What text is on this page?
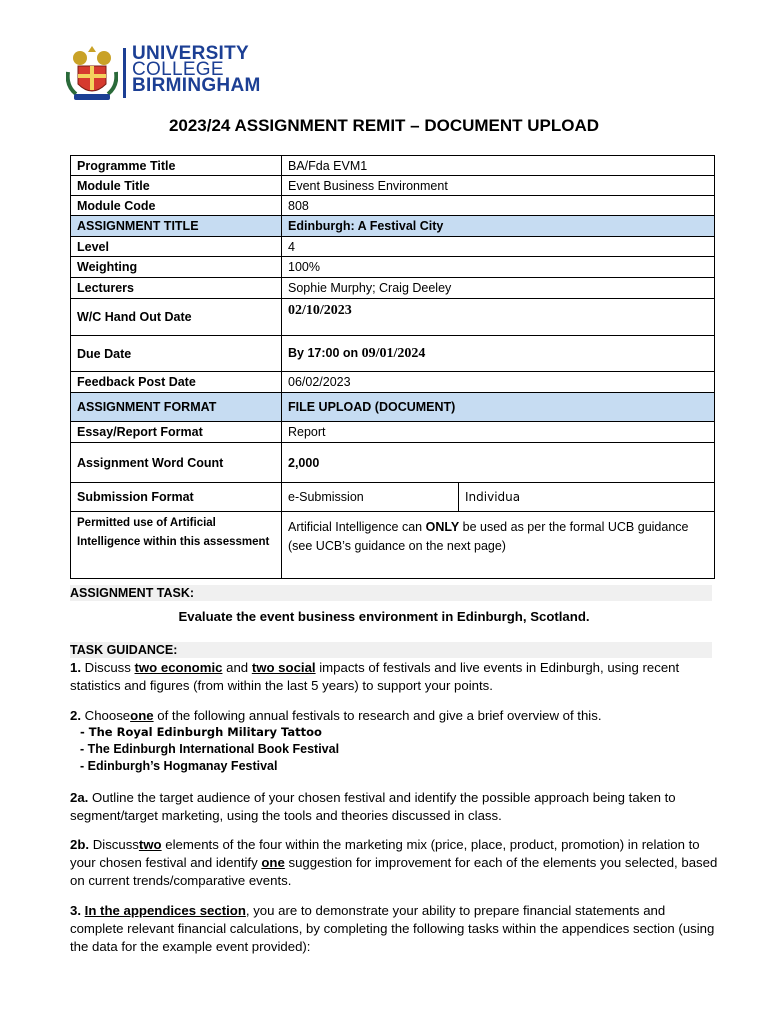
UNIVERSITY
COLLEGE
BIRMINGHAM
2023/24 ASSIGNMENT REMIT – DOCUMENT UPLOAD
Programme Title	BA/Fda EVM1	
Module Title	Event Business Environment	
Module Code	808	
ASSIGNMENT TITLE	Edinburgh: A Festival City	
Level	4	
Weighting	100%	
Lecturers	Sophie Murphy; Craig Deeley	
W/C Hand Out Date	02/10/2023	
Due Date	By 17:00 on 09/01/2024	
Feedback Post Date	06/02/2023	
ASSIGNMENT FORMAT	FILE UPLOAD (DOCUMENT)	
Essay/Report Format	Report	
Assignment Word Count	2,000	
Submission Format	e-Submission	Individua
Permitted use of Artificial Intelligence within this assessment	Artificial Intelligence can ONLY be used as per the formal UCB guidance (see UCB’s guidance on the next page)	
ASSIGNMENT TASK:
Evaluate the event business environment in Edinburgh, Scotland.
TASK GUIDANCE:
1. Discuss two economic and two social impacts of festivals and live events in Edinburgh, using recent statistics and figures (from within the last 5 years) to support your points.
2. Chooseone of the following annual festivals to research and give a brief overview of this.
- The Royal Edinburgh Military Tattoo
- The Edinburgh International Book Festival
- Edinburgh’s Hogmanay Festival
2a. Outline the target audience of your chosen festival and identify the possible approach being taken to segment/target marketing, using the tools and theories discussed in class.
2b. Discusstwo elements of the four within the marketing mix (price, place, product, promotion) in relation to your chosen festival and identify one suggestion for improvement for each of the elements you selected, based on current trends/comparative events.
3. In the appendices section, you are to demonstrate your ability to prepare financial statements and complete relevant financial calculations, by completing the following tasks within the appendices section (using the data for the example event provided):
